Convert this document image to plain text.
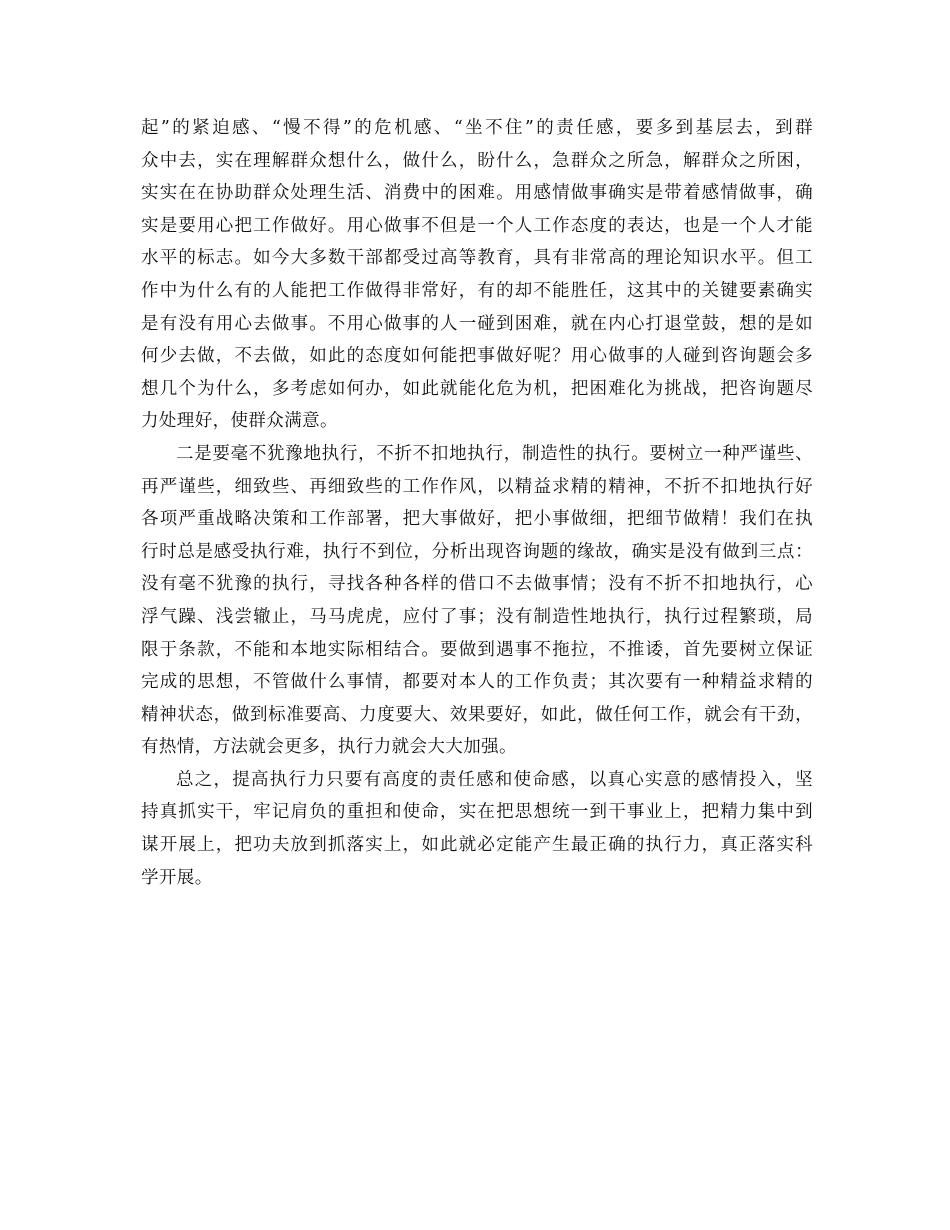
起”的紧迫感、“慢不得”的危机感、“坐不住”的责任感，要多到基层去，到群
众中去，实在理解群众想什么，做什么，盼什么，急群众之所急，解群众之所困，
实实在在协助群众处理生活、消费中的困难。用感情做事确实是带着感情做事，确
实是要用心把工作做好。用心做事不但是一个人工作态度的表达，也是一个人才能
水平的标志。如今大多数干部都受过高等教育，具有非常高的理论知识水平。但工
作中为什么有的人能把工作做得非常好，有的却不能胜任，这其中的关键要素确实
是有没有用心去做事。不用心做事的人一碰到困难，就在内心打退堂鼓，想的是如
何少去做，不去做，如此的态度如何能把事做好呢？用心做事的人碰到咨询题会多
想几个为什么，多考虑如何办，如此就能化危为机，把困难化为挑战，把咨询题尽
力处理好，使群众满意。

二是要毫不犹豫地执行，不折不扣地执行，制造性的执行。要树立一种严谨些、
再严谨些，细致些、再细致些的工作作风，以精益求精的精神，不折不扣地执行好
各项严重战略决策和工作部署，把大事做好，把小事做细，把细节做精！我们在执
行时总是感受执行难，执行不到位，分析出现咨询题的缘故，确实是没有做到三点：
没有毫不犹豫的执行，寻找各种各样的借口不去做事情；没有不折不扣地执行，心
浮气躁、浅尝辙止，马马虎虎，应付了事；没有制造性地执行，执行过程繁琐，局
限于条款，不能和本地实际相结合。要做到遇事不拖拉，不推诿，首先要树立保证
完成的思想，不管做什么事情，都要对本人的工作负责；其次要有一种精益求精的
精神状态，做到标准要高、力度要大、效果要好，如此，做任何工作，就会有干劲，
有热情，方法就会更多，执行力就会大大加强。

总之，提高执行力只要有高度的责任感和使命感，以真心实意的感情投入，坚
持真抓实干，牢记肩负的重担和使命，实在把思想统一到干事业上，把精力集中到
谋开展上，把功夫放到抓落实上，如此就必定能产生最正确的执行力，真正落实科
学开展。
